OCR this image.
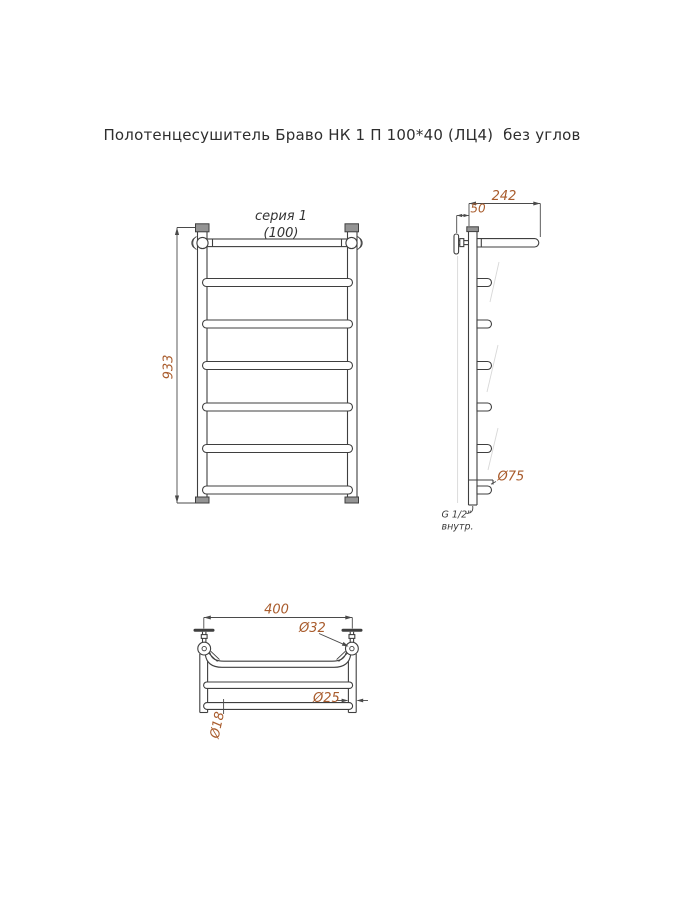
Полотенцесушитель Браво НК 1 П 100*40 (ЛЦ4)  без углов
933
серия 1
(100)
242
50
Ø75
G 1/2"
внутр.
400
Ø32
Ø25
Ø18
